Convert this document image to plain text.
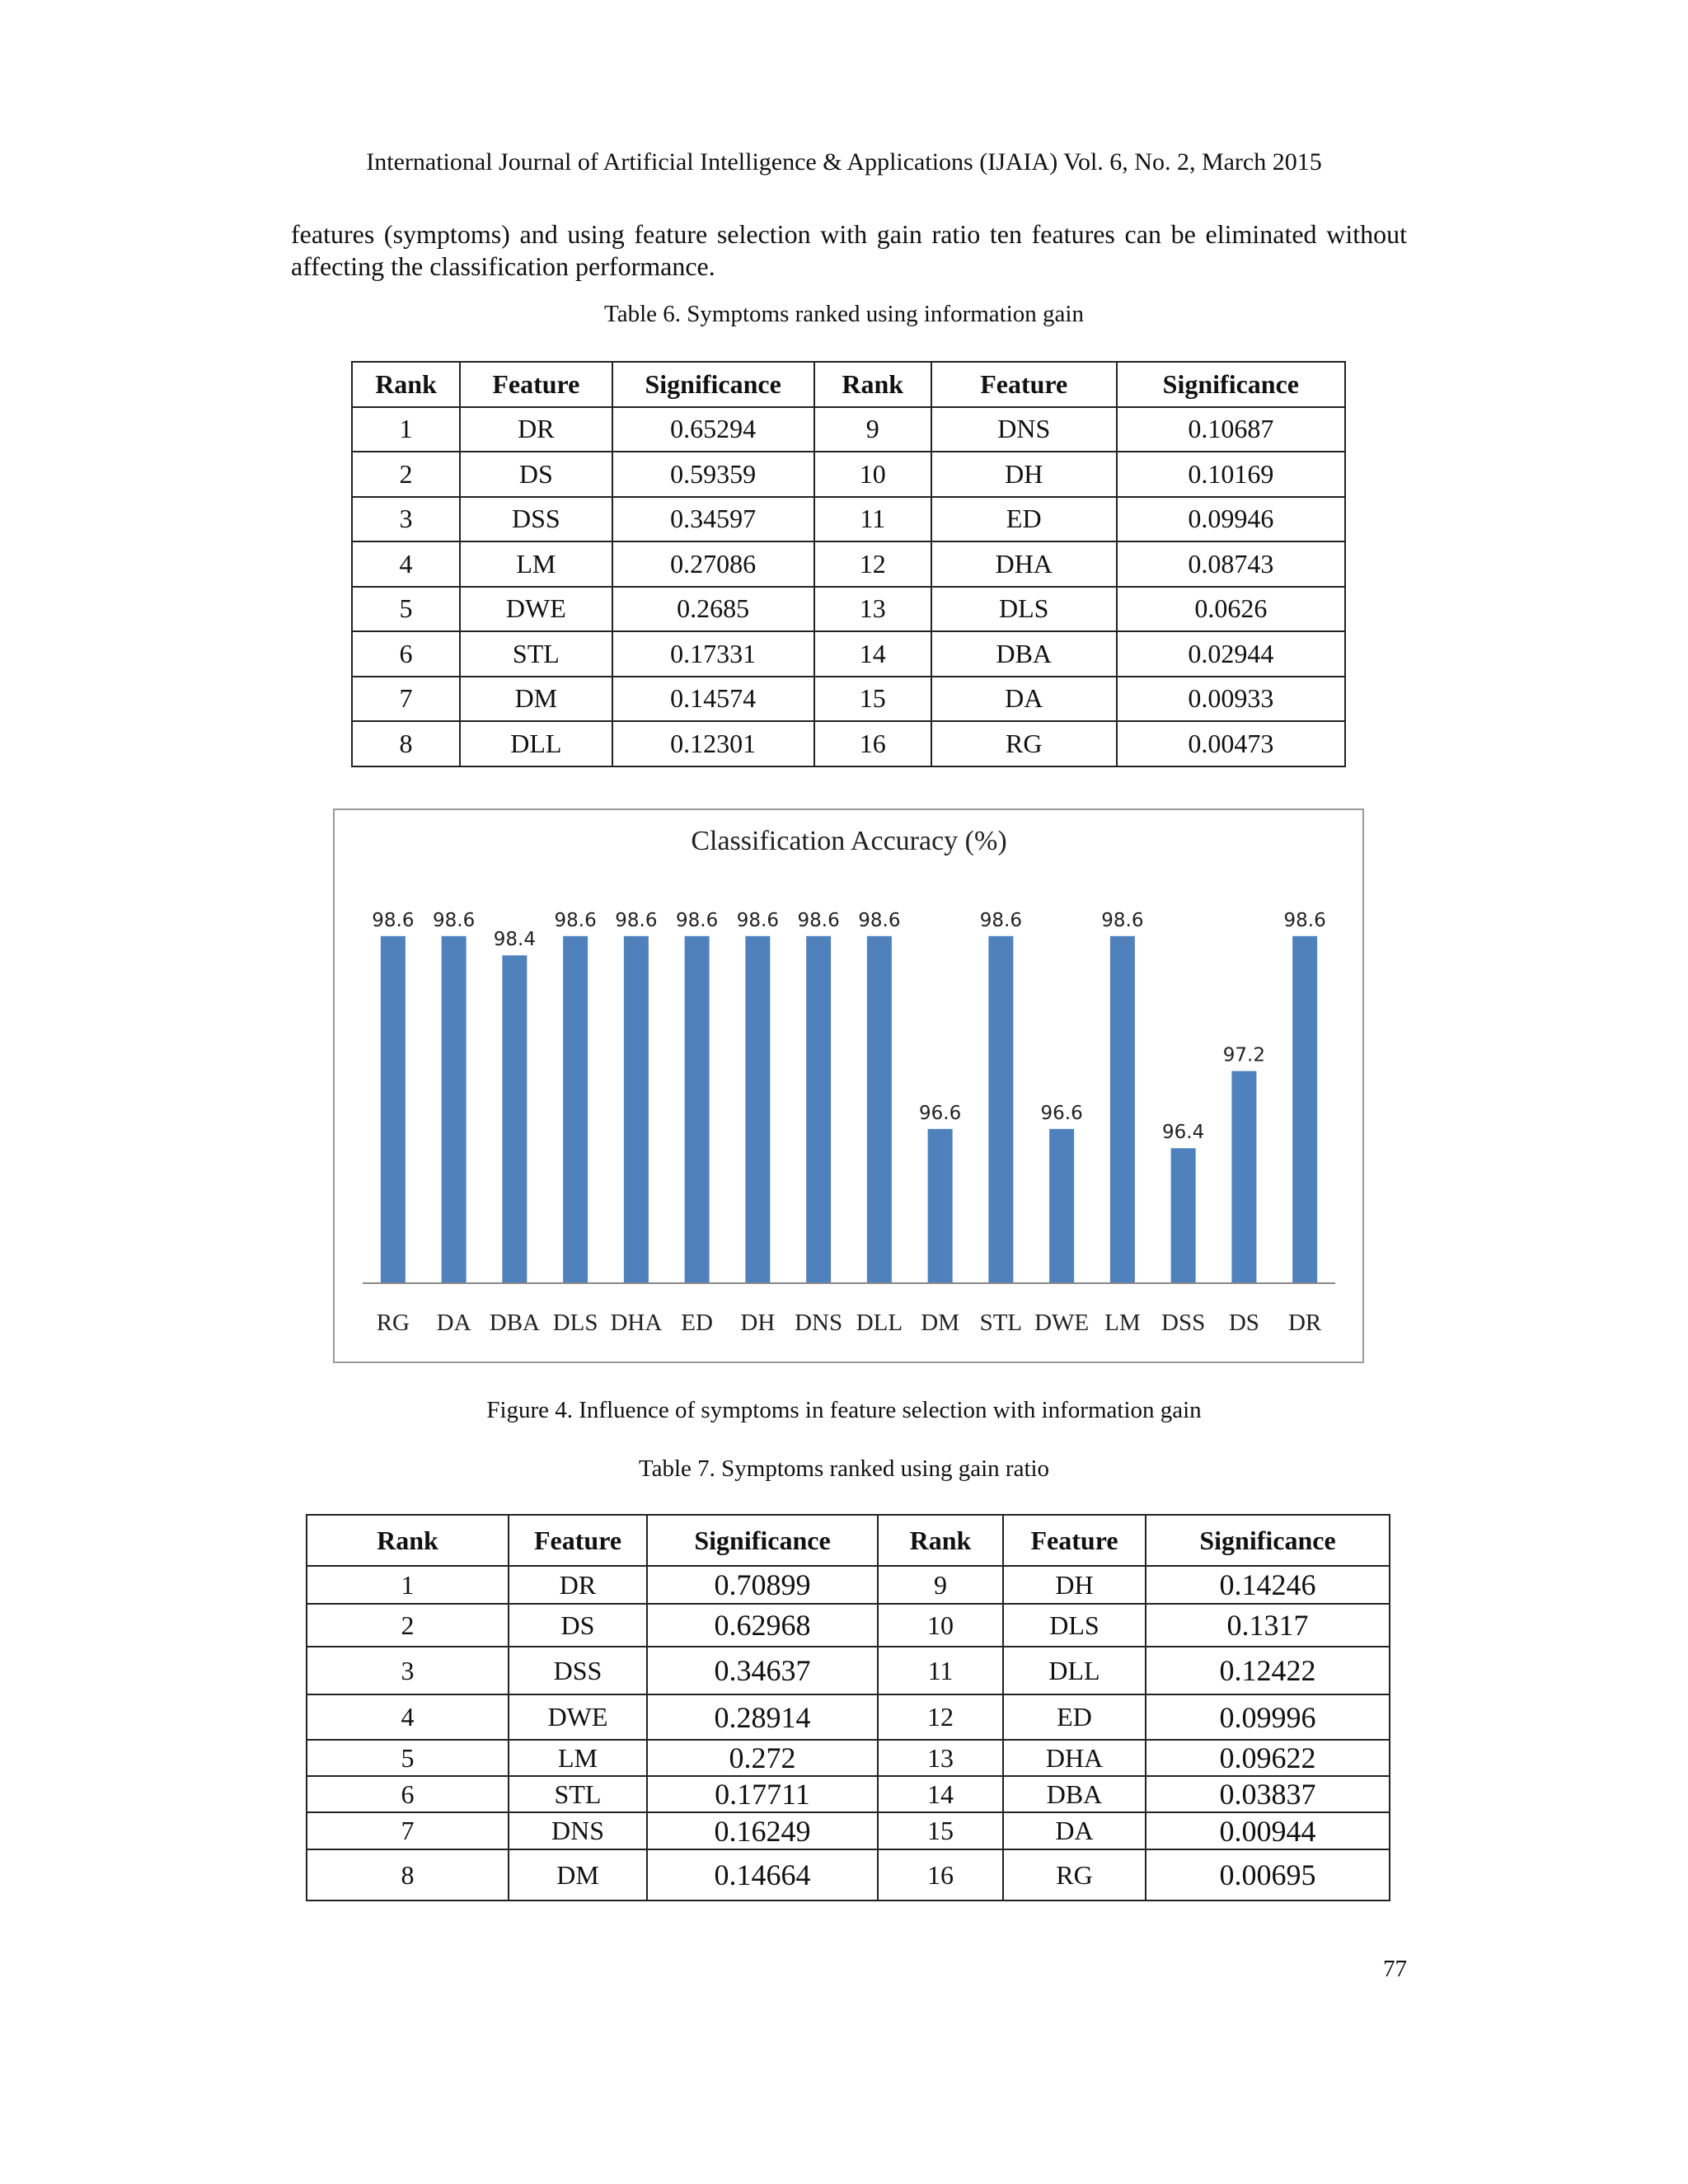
International Journal of Artificial Intelligence & Applications (IJAIA) Vol. 6, No. 2, March 2015

features (symptoms) and using feature selection with gain ratio ten features can be eliminated without affecting the classification performance.

Table 6. Symptoms ranked using information gain
Rank	Feature	Significance	Rank	Feature	Significance
1	DR	0.65294	9	DNS	0.10687
2	DS	0.59359	10	DH	0.10169
3	DSS	0.34597	11	ED	0.09946
4	LM	0.27086	12	DHA	0.08743
5	DWE	0.2685	13	DLS	0.0626
6	STL	0.17331	14	DBA	0.02944
7	DM	0.14574	15	DA	0.00933
8	DLL	0.12301	16	RG	0.00473
Classification Accuracy (%)
98.6
RG
98.6
DA
98.4
DBA
98.6
DLS
98.6
DHA
98.6
ED
98.6
DH
98.6
DNS
98.6
DLL
96.6
DM
98.6
STL
96.6
DWE
98.6
LM
96.4
DSS
97.2
DS
98.6
DR
Figure 4. Influence of symptoms in feature selection with information gain
Table 7. Symptoms ranked using gain ratio
Rank	Feature	Significance	Rank	Feature	Significance
1	DR	0.70899	9	DH	0.14246
2	DS	0.62968	10	DLS	0.1317
3	DSS	0.34637	11	DLL	0.12422
4	DWE	0.28914	12	ED	0.09996
5	LM	0.272	13	DHA	0.09622
6	STL	0.17711	14	DBA	0.03837
7	DNS	0.16249	15	DA	0.00944
8	DM	0.14664	16	RG	0.00695
77
